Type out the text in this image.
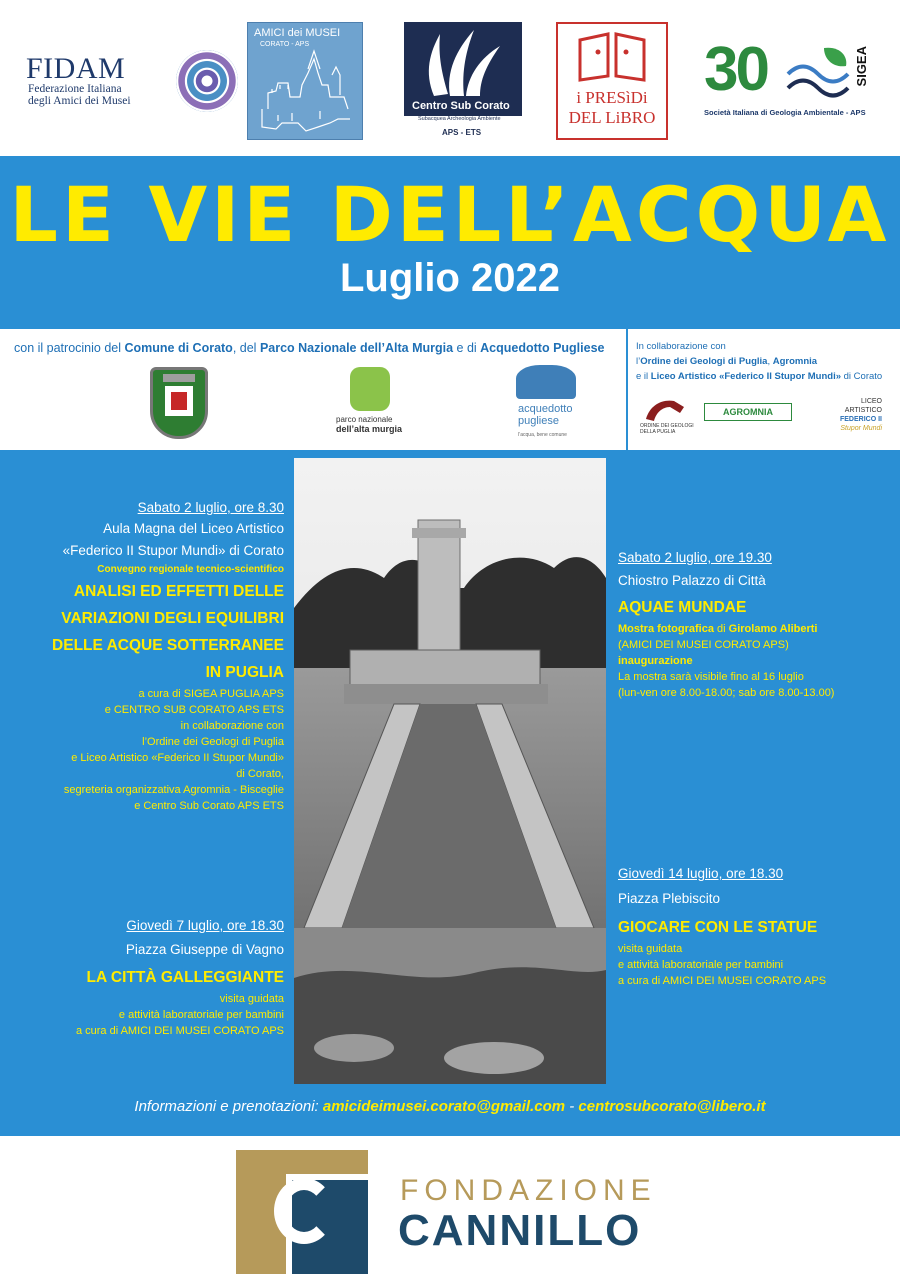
FIDAM
Federazione Italiana
degli Amici dei Musei
AMICI dei MUSEI
CORATO - APS
Centro Sub Corato
Subacquea Archeologia Ambiente
APS - ETS
i PRESìDi
DEL LiBRO
30	SIGEA
Società Italiana di Geologia Ambientale - APS
LE VIE DELL’ACQUA
Luglio 2022
con il patrocinio del Comune di Corato, del Parco Nazionale dell’Alta Murgia e di Acquedotto Pugliese
parco nazionale
dell’alta murgia
acquedotto
pugliese
l’acqua, bene comune
In collaborazione con
l’Ordine dei Geologi di Puglia, Agromnia
e il Liceo Artistico «Federico II Stupor Mundi» di Corato
ORDINE DEI GEOLOGI DELLA PUGLIA
AGROMNIA
LICEO
ARTISTICO
FEDERICO II
Stupor Mundi
Sabato 2 luglio, ore 8.30
Aula Magna del Liceo Artistico
«Federico II Stupor Mundi» di Corato
Convegno regionale tecnico-scientifico
ANALISI ED EFFETTI DELLE
VARIAZIONI DEGLI EQUILIBRI
DELLE ACQUE SOTTERRANEE
IN PUGLIA
a cura di SIGEA PUGLIA APS
e CENTRO SUB CORATO APS ETS
in collaborazione con
l’Ordine dei Geologi di Puglia
e Liceo Artistico «Federico II Stupor Mundi»
di Corato,
segreteria organizzativa Agromnia - Bisceglie
e Centro Sub Corato APS ETS
Sabato 2 luglio, ore 19.30
Chiostro Palazzo di Città
AQUAE MUNDAE
Mostra fotografica di Girolamo Aliberti
(AMICI DEI MUSEI CORATO APS)
inaugurazione
La mostra sarà visibile fino al 16 luglio
(lun-ven ore 8.00-18.00; sab ore 8.00-13.00)
Giovedì 7 luglio, ore 18.30
Piazza Giuseppe di Vagno
LA CITTÀ GALLEGGIANTE
visita guidata
e attività laboratoriale per bambini
a cura di AMICI DEI MUSEI CORATO APS
Giovedì 14 luglio, ore 18.30
Piazza Plebiscito
GIOCARE CON LE STATUE
visita guidata
e attività laboratoriale per bambini
a cura di AMICI DEI MUSEI CORATO APS
Informazioni e prenotazioni: amicideimusei.corato@gmail.com - centrosubcorato@libero.it
FONDAZIONE
CANNILLO
